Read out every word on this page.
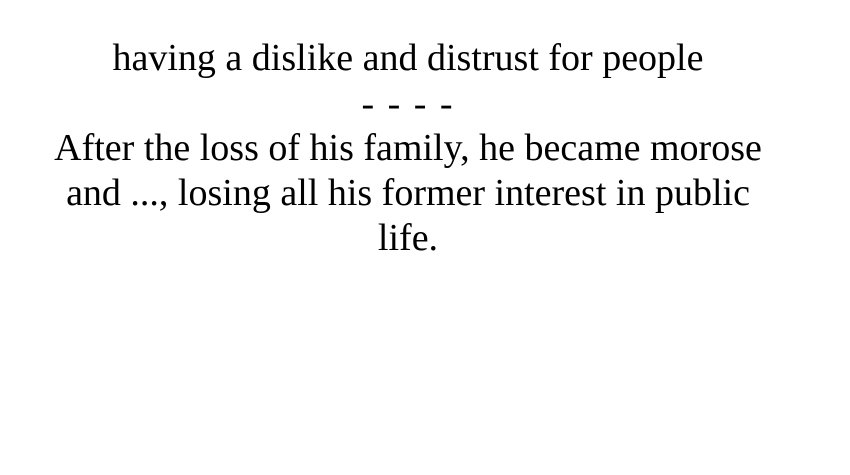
having a dislike and distrust for people
- - - -
After the loss of his family, he became morose and ..., losing all his former interest in public life.
